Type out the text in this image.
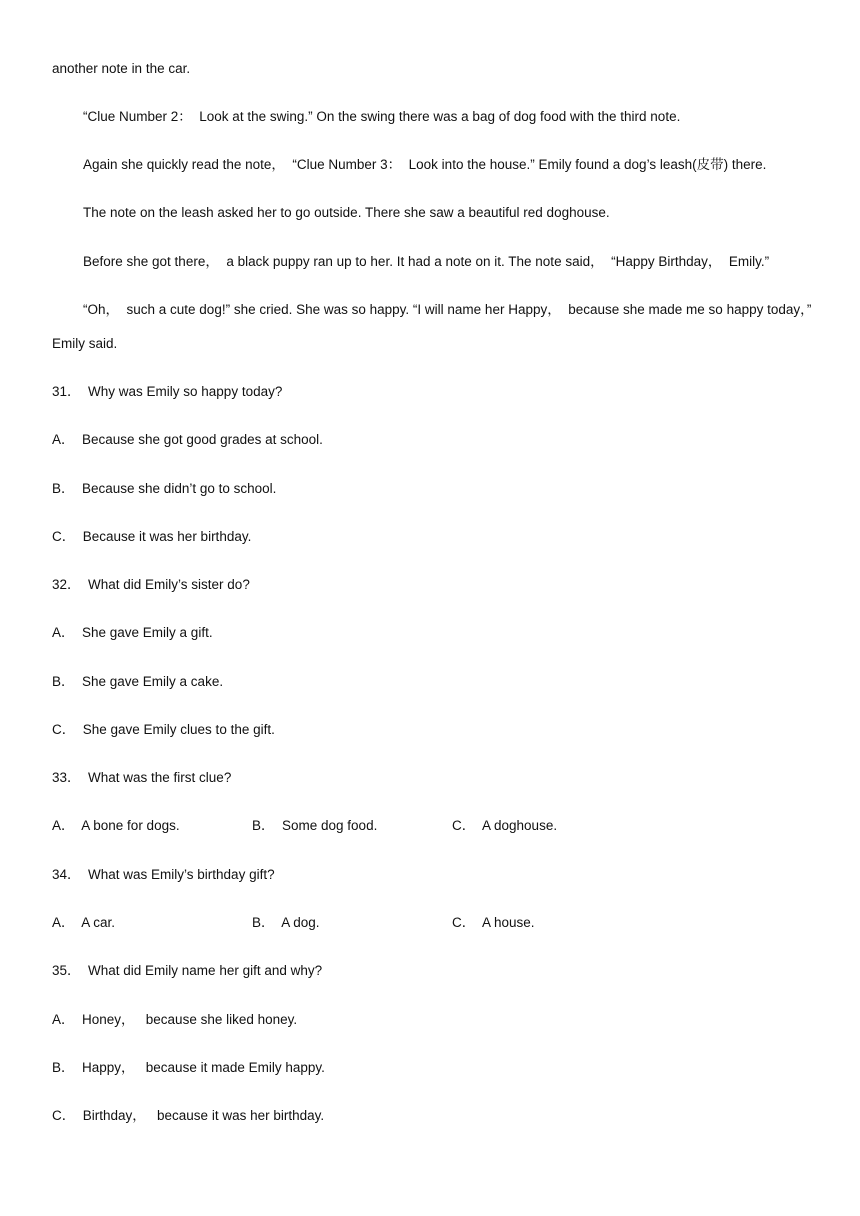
another note in the car.
“Clue Number 2：  Look at the swing.” On the swing there was a bag of dog food with the third note.
Again she quickly read the note，  “Clue Number 3：  Look into the house.” Emily found a dog’s leash(皮带) there.
The note on the leash asked her to go outside. There she saw a beautiful red doghouse.
Before she got there，  a black puppy ran up to her. It had a note on it. The note said，  “Happy Birthday，  Emily.”
“Oh，  such a cute dog!” she cried. She was so happy. “I will name her Happy，  because she made me so happy today，”
Emily said.
31．  Why was Emily so happy today?
A．  Because she got good grades at school.
B．  Because she didn’t go to school.
C．  Because it was her birthday.
32．  What did Emily’s sister do?
A．  She gave Emily a gift.
B．  She gave Emily a cake.
C．  She gave Emily clues to the gift.
33．  What was the first clue?
A．  A bone for dogs.	B．  Some dog food.	C．  A doghouse.
34．  What was Emily’s birthday gift?
A．  A car.	B．  A dog.	C．  A house.
35．  What did Emily name her gift and why?
A．  Honey，   because she liked honey.
B．  Happy，   because it made Emily happy.
C．  Birthday，   because it was her birthday.
